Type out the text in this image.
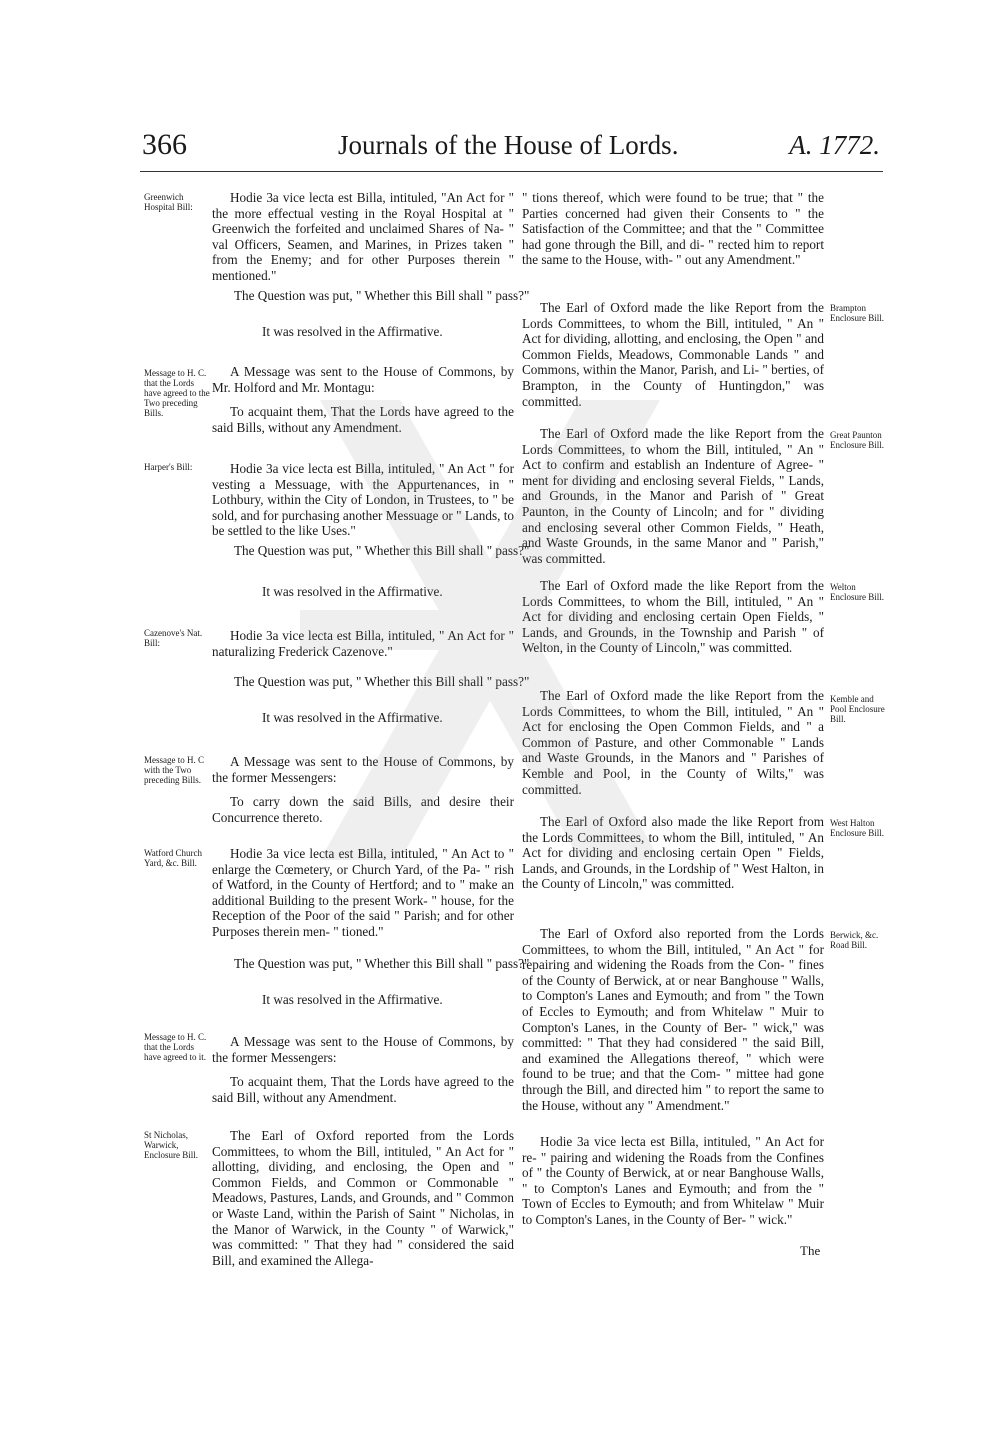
366	Journals of the House of Lords.	A. 1772.
Greenwich Hospital Bill:
Message to H. C. that the Lords have agreed to the Two preceding Bills.
Harper's Bill:
Cazenove's Nat. Bill:
Message to H. C with the Two preceding Bills.
Watford Church Yard, &c. Bill.
Message to H. C. that the Lords have agreed to it.
St Nicholas, Warwick, Enclosure Bill.
Brampton Enclosure Bill.
Great Paunton Enclosure Bill.
Welton Enclosure Bill.
Kemble and Pool Enclosure Bill.
West Halton Enclosure Bill.
Berwick, &c. Road Bill.

Hodie 3a vice lecta est Billa, intituled, "An Act for " the more effectual vesting in the Royal Hospital at " Greenwich the forfeited and unclaimed Shares of Na- " val Officers, Seamen, and Marines, in Prizes taken " from the Enemy; and for other Purposes therein " mentioned."

The Question was put, " Whether this Bill shall " pass?"
It was resolved in the Affirmative.

A Message was sent to the House of Commons, by Mr. Holford and Mr. Montagu:

To acquaint them, That the Lords have agreed to the said Bills, without any Amendment.

Hodie 3a vice lecta est Billa, intituled, " An Act " for vesting a Messuage, with the Appurtenances, in " Lothbury, within the City of London, in Trustees, to " be sold, and for purchasing another Messuage or " Lands, to be settled to the like Uses."

The Question was put, " Whether this Bill shall " pass?"
It was resolved in the Affirmative.

Hodie 3a vice lecta est Billa, intituled, " An Act for " naturalizing Frederick Cazenove."

The Question was put, " Whether this Bill shall " pass?"
It was resolved in the Affirmative.

A Message was sent to the House of Commons, by the former Messengers:

To carry down the said Bills, and desire their Concurrence thereto.

Hodie 3a vice lecta est Billa, intituled, " An Act to " enlarge the Cœmetery, or Church Yard, of the Pa- " rish of Watford, in the County of Hertford; and to " make an additional Building to the present Work- " house, for the Reception of the Poor of the said " Parish; and for other Purposes therein men- " tioned."

The Question was put, " Whether this Bill shall " pass?"
It was resolved in the Affirmative.

A Message was sent to the House of Commons, by the former Messengers:

To acquaint them, That the Lords have agreed to the said Bill, without any Amendment.

The Earl of Oxford reported from the Lords Committees, to whom the Bill, intituled, " An Act for " allotting, dividing, and enclosing, the Open and " Common Fields, and Common or Commonable " Meadows, Pastures, Lands, and Grounds, and " Common or Waste Land, within the Parish of Saint " Nicholas, in the Manor of Warwick, in the County " of Warwick," was committed: " That they had " considered the said Bill, and examined the Allega-

" tions thereof, which were found to be true; that " the Parties concerned had given their Consents to " the Satisfaction of the Committee; and that the " Committee had gone through the Bill, and di- " rected him to report the same to the House, with- " out any Amendment."

The Earl of Oxford made the like Report from the Lords Committees, to whom the Bill, intituled, " An " Act for dividing, allotting, and enclosing, the Open " and Common Fields, Meadows, Commonable Lands " and Commons, within the Manor, Parish, and Li- " berties, of Brampton, in the County of Huntingdon," was committed.

The Earl of Oxford made the like Report from the Lords Committees, to whom the Bill, intituled, " An " Act to confirm and establish an Indenture of Agree- " ment for dividing and enclosing several Fields, " Lands, and Grounds, in the Manor and Parish of " Great Paunton, in the County of Lincoln; and for " dividing and enclosing several other Common Fields, " Heath, and Waste Grounds, in the same Manor and " Parish," was committed.

The Earl of Oxford made the like Report from the Lords Committees, to whom the Bill, intituled, " An " Act for dividing and enclosing certain Open Fields, " Lands, and Grounds, in the Township and Parish " of Welton, in the County of Lincoln," was committed.

The Earl of Oxford made the like Report from the Lords Committees, to whom the Bill, intituled, " An " Act for enclosing the Open Common Fields, and " a Common of Pasture, and other Commonable " Lands and Waste Grounds, in the Manors and " Parishes of Kemble and Pool, in the County of Wilts," was committed.

The Earl of Oxford also made the like Report from the Lords Committees, to whom the Bill, intituled, " An Act for dividing and enclosing certain Open " Fields, Lands, and Grounds, in the Lordship of " West Halton, in the County of Lincoln," was committed.

The Earl of Oxford also reported from the Lords Committees, to whom the Bill, intituled, " An Act " for repairing and widening the Roads from the Con- " fines of the County of Berwick, at or near Banghouse " Walls, to Compton's Lanes and Eymouth; and from " the Town of Eccles to Eymouth; and from Whitelaw " Muir to Compton's Lanes, in the County of Ber- " wick," was committed: " That they had considered " the said Bill, and examined the Allegations thereof, " which were found to be true; and that the Com- " mittee had gone through the Bill, and directed him " to report the same to the House, without any " Amendment."

Hodie 3a vice lecta est Billa, intituled, " An Act for re- " pairing and widening the Roads from the Confines of " the County of Berwick, at or near Banghouse Walls, " to Compton's Lanes and Eymouth; and from the " Town of Eccles to Eymouth; and from Whitelaw " Muir to Compton's Lanes, in the County of Ber- " wick."

The
